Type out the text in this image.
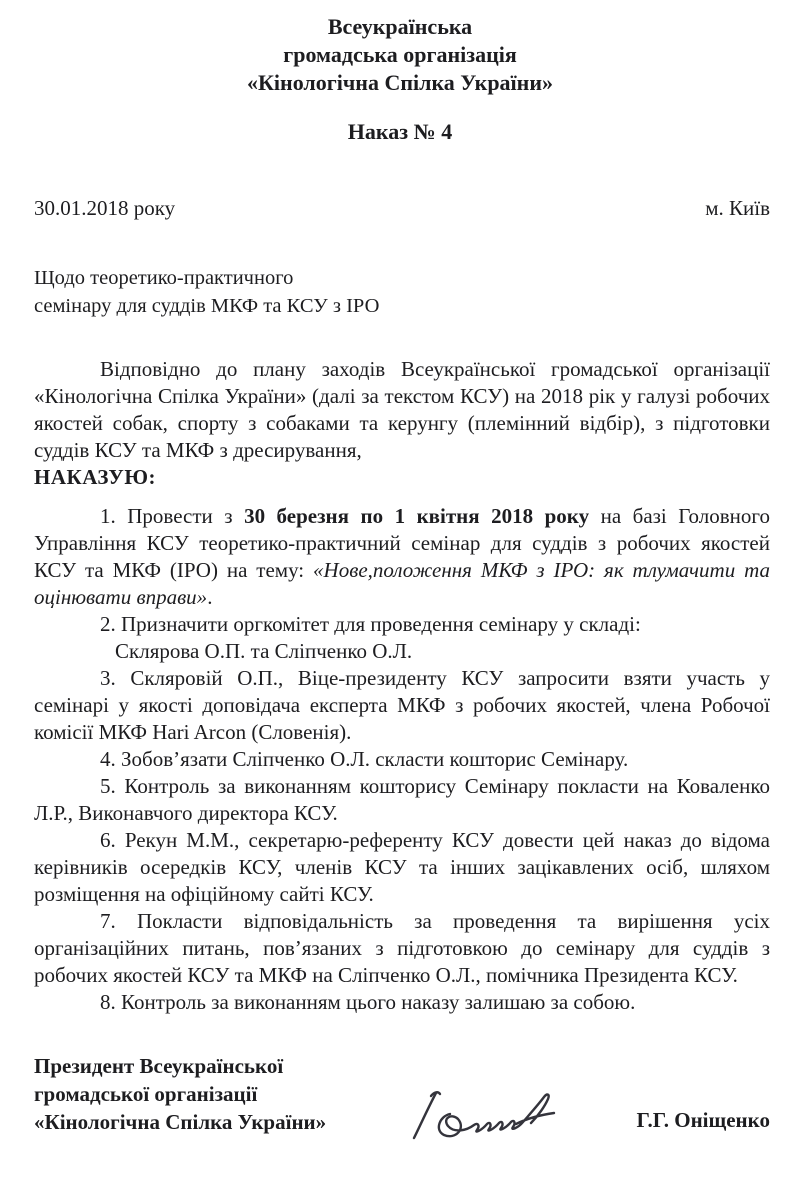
Всеукраїнська
громадська організація
«Кінологічна Спілка України»
Наказ № 4
30.01.2018 року	м. Київ
Щодо теоретико-практичного
семінару для суддів МКФ та КСУ з ІРО

Відповідно до плану заходів Всеукраїнської громадської організації «Кінологічна Спілка України» (далі за текстом КСУ) на 2018 рік у галузі робочих якостей собак, спорту з собаками та керунгу (племінний відбір), з підготовки суддів КСУ та МКФ з дресирування,

НАКАЗУЮ:

1. Провести з 30 березня по 1 квітня 2018 року на базі Головного Управління КСУ теоретико-практичний семінар для суддів з робочих якостей КСУ та МКФ (ІРО) на тему: «Нове,положення МКФ з ІРО: як тлумачити та оцінювати вправи».

2. Призначити оргкомітет для проведення семінару у складі:

Склярова О.П. та Сліпченко О.Л.

3. Скляровій О.П., Віце-президенту КСУ запросити взяти участь у семінарі у якості доповідача експерта МКФ з робочих якостей, члена Робочої комісії МКФ Hari Arcon (Словенія).

4. Зобов’язати Сліпченко О.Л. скласти кошторис Семінару.

5. Контроль за виконанням кошторису Семінару покласти на Коваленко Л.Р., Виконавчого директора КСУ.

6. Рекун М.М., секретарю-референту КСУ довести цей наказ до відома керівників осередків КСУ, членів КСУ та інших зацікавлених осіб, шляхом розміщення на офіційному сайті КСУ.

7. Покласти відповідальність за проведення та вирішення усіх організаційних питань, пов’язаних з підготовкою до семінару для суддів з робочих якостей КСУ та МКФ на Сліпченко О.Л., помічника Президента КСУ.

8. Контроль за виконанням цього наказу залишаю за собою.

Президент Всеукраїнської
громадської організації
«Кінологічна Спілка України»	Г.Г. Оніщенко
